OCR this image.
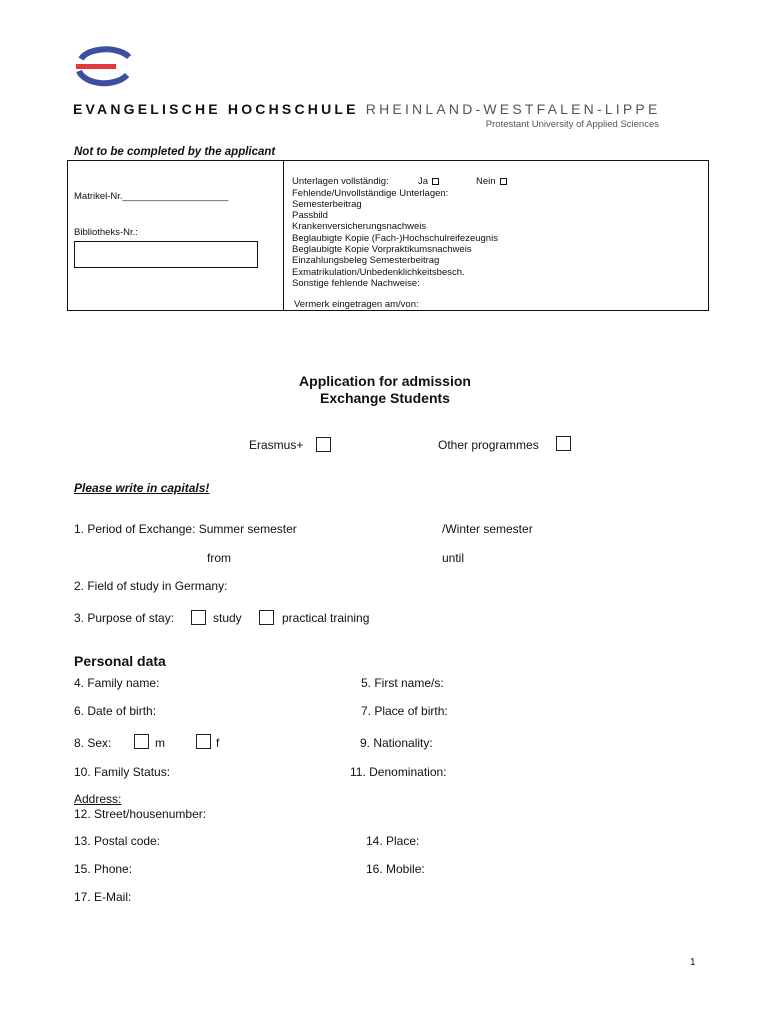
EVANGELISCHE HOCHSCHULE RHEINLAND-WESTFALEN-LIPPE
Protestant University of Applied Sciences
Not to be completed by the applicant
Matrikel-Nr.____________________
Bibliotheks-Nr.:
Unterlagen vollständig:	Ja	Nein
Fehlende/Unvollständige Unterlagen:
Semesterbeitrag
Passbild
Krankenversicherungsnachweis
Beglaubigte Kopie (Fach-)Hochschulreifezeugnis
Beglaubigte Kopie Vorpraktikumsnachweis
Einzahlungsbeleg Semesterbeitrag
Exmatrikulation/Unbedenklichkeitsbesch.
Sonstige fehlende Nachweise:
Vermerk eingetragen am/von:
Application for admission
Exchange Students
Erasmus+	Other programmes
Please write in capitals!
1. Period of Exchange: Summer semester	/Winter semester
from	until
2. Field of study in Germany:
3. Purpose of stay:	study	practical training
Personal data
4. Family name:	5. First name/s:
6. Date of birth:	7. Place of birth:
8. Sex:	m	f	9. Nationality:
10. Family Status:	11. Denomination:
Address:
12. Street/housenumber:
13. Postal code:	14. Place:
15. Phone:	16. Mobile:
17. E-Mail:
1
